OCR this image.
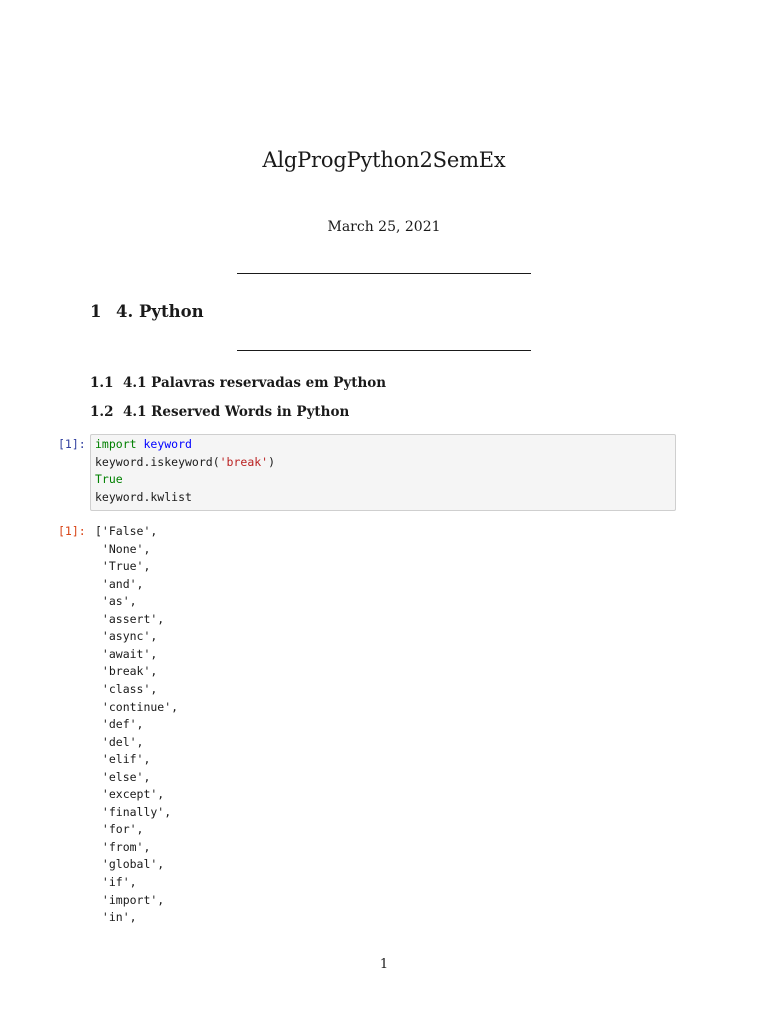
AlgProgPython2SemEx
March 25, 2021
1 4. Python
1.1 4.1 Palavras reservadas em Python
1.2 4.1 Reserved Words in Python
[1]: import keyword
keyword.iskeyword('break')
True
keyword.kwlist
[1]: ['False',
'None',
'True',
'and',
'as',
'assert',
'async',
'await',
'break',
'class',
'continue',
'def',
'del',
'elif',
'else',
'except',
'finally',
'for',
'from',
'global',
'if',
'import',
'in',
1
